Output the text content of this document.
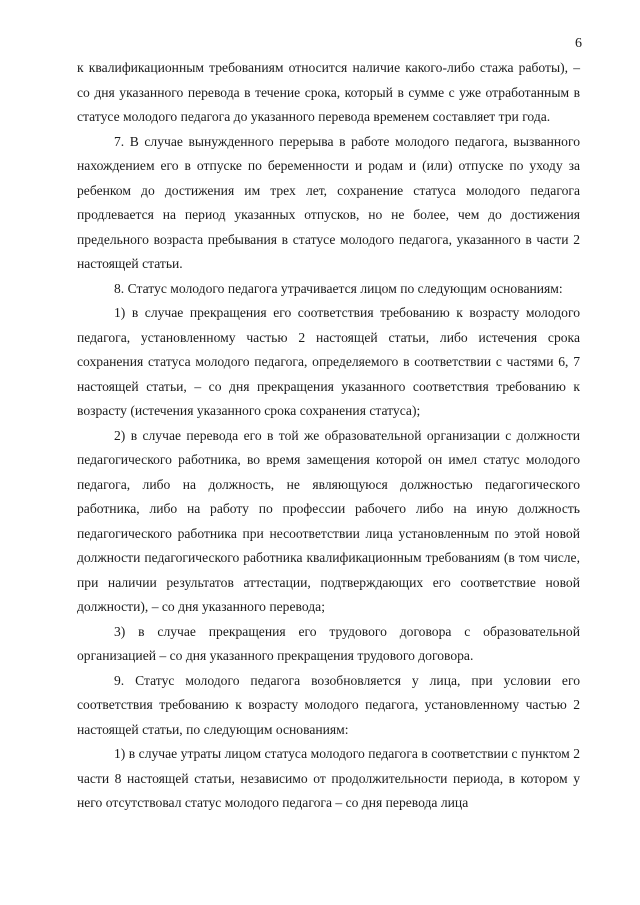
6

к квалификационным требованиям относится наличие какого-либо стажа работы), – со дня указанного перевода в течение срока, который в сумме с уже отработанным в статусе молодого педагога до указанного перевода временем составляет три года.

7. В случае вынужденного перерыва в работе молодого педагога, вызванного нахождением его в отпуске по беременности и родам и (или) отпуске по уходу за ребенком до достижения им трех лет, сохранение статуса молодого педагога продлевается на период указанных отпусков, но не более, чем до достижения предельного возраста пребывания в статусе молодого педагога, указанного в части 2 настоящей статьи.

8. Статус молодого педагога утрачивается лицом по следующим основаниям:

1) в случае прекращения его соответствия требованию к возрасту молодого педагога, установленному частью 2 настоящей статьи, либо истечения срока сохранения статуса молодого педагога, определяемого в соответствии с частями 6, 7 настоящей статьи, – со дня прекращения указанного соответствия требованию к возрасту (истечения указанного срока сохранения статуса);

2) в случае перевода его в той же образовательной организации с должности педагогического работника, во время замещения которой он имел статус молодого педагога, либо на должность, не являющуюся должностью педагогического работника, либо на работу по профессии рабочего либо на иную должность педагогического работника при несоответствии лица установленным по этой новой должности педагогического работника квалификационным требованиям (в том числе, при наличии результатов аттестации, подтверждающих его соответствие новой должности), – со дня указанного перевода;

3) в случае прекращения его трудового договора с образовательной организацией – со дня указанного прекращения трудового договора.

9. Статус молодого педагога возобновляется у лица, при условии его соответствия требованию к возрасту молодого педагога, установленному частью 2 настоящей статьи, по следующим основаниям:

1) в случае утраты лицом статуса молодого педагога в соответствии с пунктом 2 части 8 настоящей статьи, независимо от продолжительности периода, в котором у него отсутствовал статус молодого педагога – со дня перевода лица
